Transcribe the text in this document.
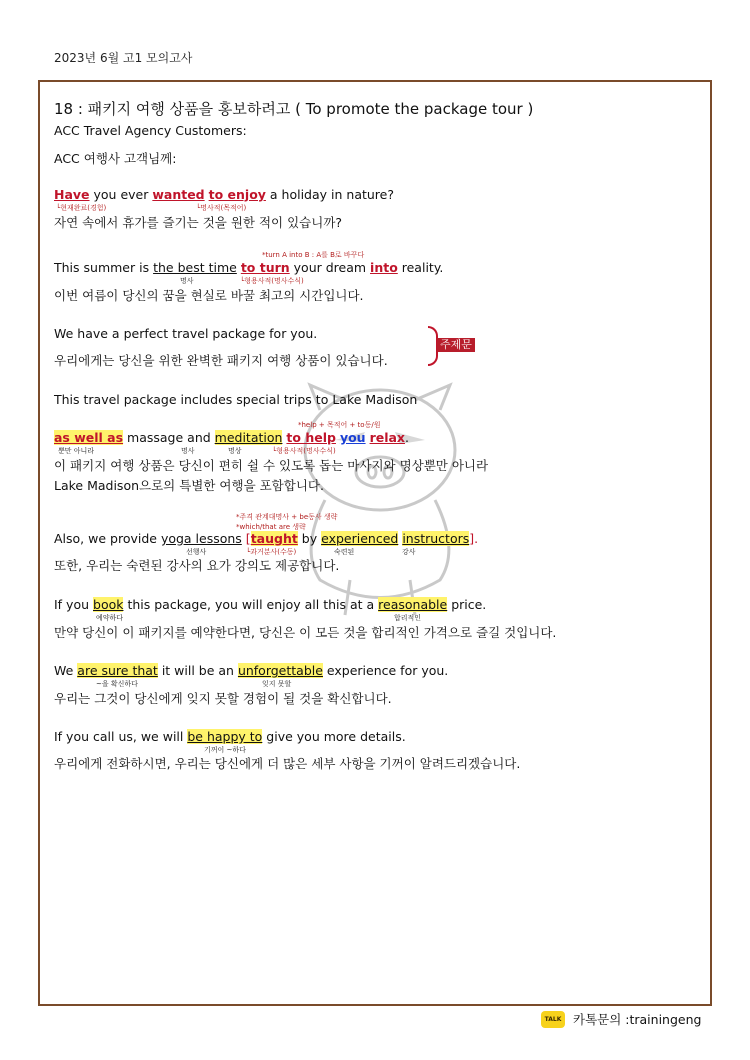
2023년 6월 고1 모의고사
18 : 패키지 여행 상품을 홍보하려고 ( To promote the package tour )
ACC Travel Agency Customers:
ACC 여행사 고객님께:
Have you ever wanted to enjoy a holiday in nature?
└현재완료(경험)	└명사적(목적어)
자연 속에서 휴가를 즐기는 것을 원한 적이 있습니까?
*turn A into B : A를 B로 바꾸다
This summer is the best time to turn your dream into reality.
명사	└형용사적(명사수식)
이번 여름이 당신의 꿈을 현실로 바꿀 최고의 시간입니다.
We have a perfect travel package for you.
우리에게는 당신을 위한 완벽한 패키지 여행 상품이 있습니다.
주제문
This travel package includes special trips to Lake Madison
*help + 목적어 + to동/원
as well as massage and meditation to help you relax.
뿐만 아니라	명사	명상	└형용사적(명사수식)
이 패키지 여행 상품은 당신이 편히 쉴 수 있도록 돕는 마사지와 명상뿐만 아니라
Lake Madison으로의 특별한 여행을 포함합니다.
*주격 관계대명사 + be동사 생략
*which/that are 생략
Also, we provide yoga lessons [taught by experienced instructors].
선행사	└과거분사(수동)	숙련된	강사
또한, 우리는 숙련된 강사의 요가 강의도 제공합니다.
If you book this package, you will enjoy all this at a reasonable price.
예약하다	합리적인
만약 당신이 이 패키지를 예약한다면, 당신은 이 모든 것을 합리적인 가격으로 즐길 것입니다.
We are sure that it will be an unforgettable experience for you.
~을 확신하다	잊지 못할
우리는 그것이 당신에게 잊지 못할 경험이 될 것을 확신합니다.
If you call us, we will be happy to give you more details.
기꺼이 ~하다
우리에게 전화하시면, 우리는 당신에게 더 많은 세부 사항을 기꺼이 알려드리겠습니다.
TALK 카톡문의 :trainingeng
